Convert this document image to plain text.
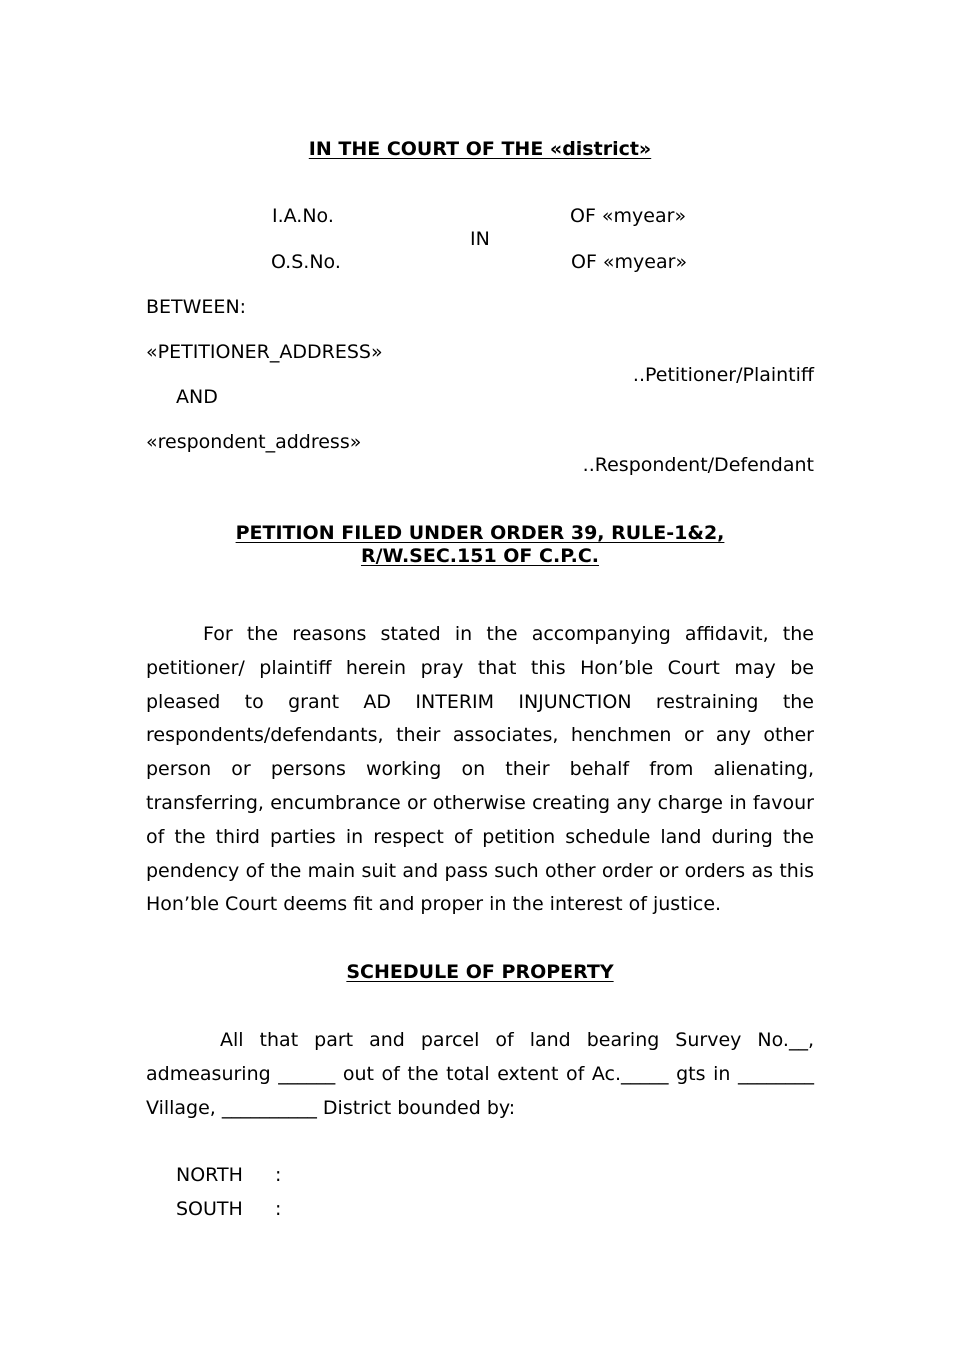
IN THE COURT OF THE «district»
I.A.No.	OF «myear»
IN
O.S.No.	OF «myear»
BETWEEN:
«PETITIONER_ADDRESS»
..Petitioner/Plaintiff
AND
«respondent_address»
..Respondent/Defendant
PETITION FILED UNDER ORDER 39, RULE-1&2,
R/W.SEC.151 OF C.P.C.

For the reasons stated in the accompanying affidavit, the petitioner/ plaintiff herein pray that this Hon’ble Court may be pleased to grant AD INTERIM INJUNCTION restraining the respondents/defendants, their associates, henchmen or any other person or persons working on their behalf from alienating, transferring, encumbrance or otherwise creating any charge in favour of the third parties in respect of petition schedule land during the pendency of the main suit and pass such other order or orders as this Hon’ble Court deems fit and proper in the interest of justice.

SCHEDULE OF PROPERTY

All that part and parcel of land bearing Survey No.__, admeasuring ______ out of the total extent of Ac._____ gts in ________ Village, __________ District bounded by:

NORTH :
SOUTH :
